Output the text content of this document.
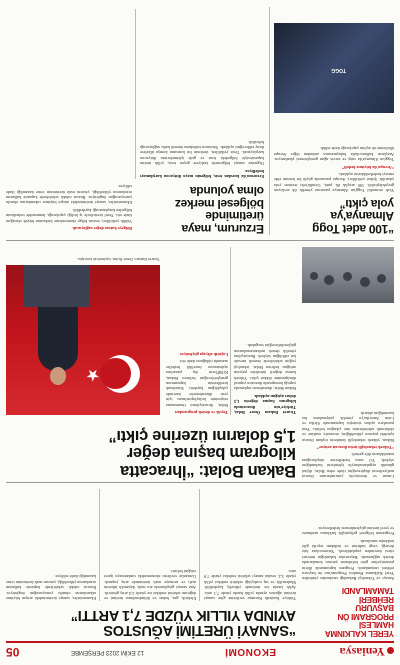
Yeniasya
EKONOMİ
12 EKİM 2023 PERŞEMBE
05
YEREL KALKINMA
HAMLESİ
PROGRAMI ÖN
BAŞVURU
REHBERİ
TAMAMLANDI

Sanayi ve Teknoloji Bakanlığı tarafından yürütülen Yerel Kalkınma Hamlesi Programı'nın ön başvuru rehberi tamamlandı. Program kapsamında illerin potansiyeline göre belirlenen yatırım konularında destek sağlanacak. Başvurular bakanlığın internet sitesi üzerinden yapılabilecek. Yatırımcılara faiz desteği, vergi indirimi ve istihdam teşviki gibi imkânlar sunulacak.

Programın bölgesel gelişmişlik farklarını azaltması ve yerel üretimi güçlendirmesi hedefleniyor.

“SANAYİ ÜRETİMİ AĞUSTOS
AYINDA YILLIK YÜZDE 7,1 ARTTI”
Türkiye İstatistik Kurumu verilerine göre sanayi üretimi ağustos ayında yıllık bazda yüzde 7,1 arttı. Aylık bazda ise üretimde yükseliş kaydedildi. Madencilik ve taş ocakçılığı sektörü endeksi yıllık yüzde 3,2, imalat sanayi sektörü endeksi yüzde 7,9 arttı.
Elektrik, gaz, buhar ve iklimlendirme üretimi ve dağıtımı sektörü endeksi ise yüzde 2,4 artış gösterdi. Ana sanayi gruplarında ara malı, dayanıklı tüketim malı ve sermaye malı üretiminde artış yaşandı. Uzmanlar verilerin ekonomideki canlanmaya işaret ettiğini belirtti.
Ekonomistler, sanayi üretimindeki artışın büyüme rakamlarına olumlu yansıyacağını öngörüyor. İhracat odaklı sektörlerde kapasite kullanım oranlarının yükseldiği, yatırım malı üretiminin ivme kazandığı ifade ediliyor.

Liman ve demiryolu yatırımlarının ihracat maliyetlerini düşüreceğini ifade eden Bolat, dijital gümrük uygulamalarıyla işlemlerin hızlandığını söyledi. Yıl sonu hedeflerine ulaşılacağına inandıklarını dile getirdi.

“Yüksek teknolojili ürün ihracatı artıyor”

Bakan, yüksek teknolojili ürünlerin toplam ihracat içindeki payının yükseldiğini, otomotiv, makine ve elektronik sektörlerinin öne çıktığını belirtti. Yeni pazarlara açılım stratejisi kapsamında Afrika ve Latin Amerika'ya yönelik çalışmaların hız kazandığını aktardı.

Bakan Bolat: “İhracatta
kilogram başına değer
1,5 dolarını üzerine çıktı”

Ticaret Bakanı Ömer Bolat, Türkiye'nin ihracatında kilogram başına değerin 1,5 doları aştığını açıkladı.

Bakan Bolat, düzenlenen toplantıda yaptığı konuşmada ihracatın yapısal dönüşümüne dikkat çekti. Yüksek katma değerli ürünlerin payının arttığını belirten Bolat, teknoloji yoğun sektörlerde önemli mesafe kat edildiğini söyledi. İhracatçılara yönelik destek mekanizmalarının güçlendirileceğini vurguladı.

Teşvik ve destek programları

Bolat, ihracatçıların finansmana erişiminin kolaylaştırılması için yeni düzenlemeler üzerinde çalışıldığını kaydetti. Eximbank kredilerinin kapsamının genişletileceğini belirten Bakan, KOBİ'lerin dış pazarlara açılmasının öncelikli hedefler arasında olduğunu ifade etti.

Lojistik altyapı güçleniyor

★
Ticaret Bakanı Ömer Bolat, toplantıda konuştu.
“100 adet Togg
Almanya'ya
yola çıktı”

Yerli otomobil Togg'un Almanya pazarına yönelik ilk sevkiyatı gerçekleştirildi. 100 araçlık ilk parti, Gemlik'teki tesisten yola çıkarıldı. Şirket yetkilileri, Avrupa pazarında güçlü bir konum elde etmeyi hedeflediklerini açıkladı.

“Avrupa'da büyüme hedefi”

Togg'un Almanya'da satış ve servis ağını genişletmesi planlanıyor. Araçların kullanıcılarla buluşmasının ardından diğer Avrupa ülkelerine de açılım yapılacağı ifade edildi.

TOGG
Erzurum, maya
üretiminde
bölgesel merkez
olma yolunda

Erzurum'da kurulan tesis, bölgenin maya ihtiyacını karşılamayı hedefliyor.

Organize sanayi bölgesinde faaliyete geçen tesis, yıllık üretim kapasitesiyle bölgedeki fırın ve gıda işletmelerinin ihtiyacını karşılayacak. Tesis yetkilileri, üretimin bir kısmının komşu ülkelere ihraç edileceğini açıkladı. Yatırımın istihdama önemli katkı sağlayacağı belirtildi.

Bölgeye katma değer sağlayacak

Valilik yetkilileri, tesisin bölge ekonomisine katkısının büyük olacağını ifade etti. Yerel üreticilerle iş birliği yapılacağı, hammadde tedarikinin bölgeden karşılanacağı kaydedildi.

Ekonomistler, sanayi üretimindeki artışın büyüme rakamlarına olumlu yansıyacağını öngörüyor. İhracat odaklı sektörlerde kapasite kullanım oranlarının yükseldiği, yatırım malı üretiminin ivme kazandığı ifade ediliyor.
